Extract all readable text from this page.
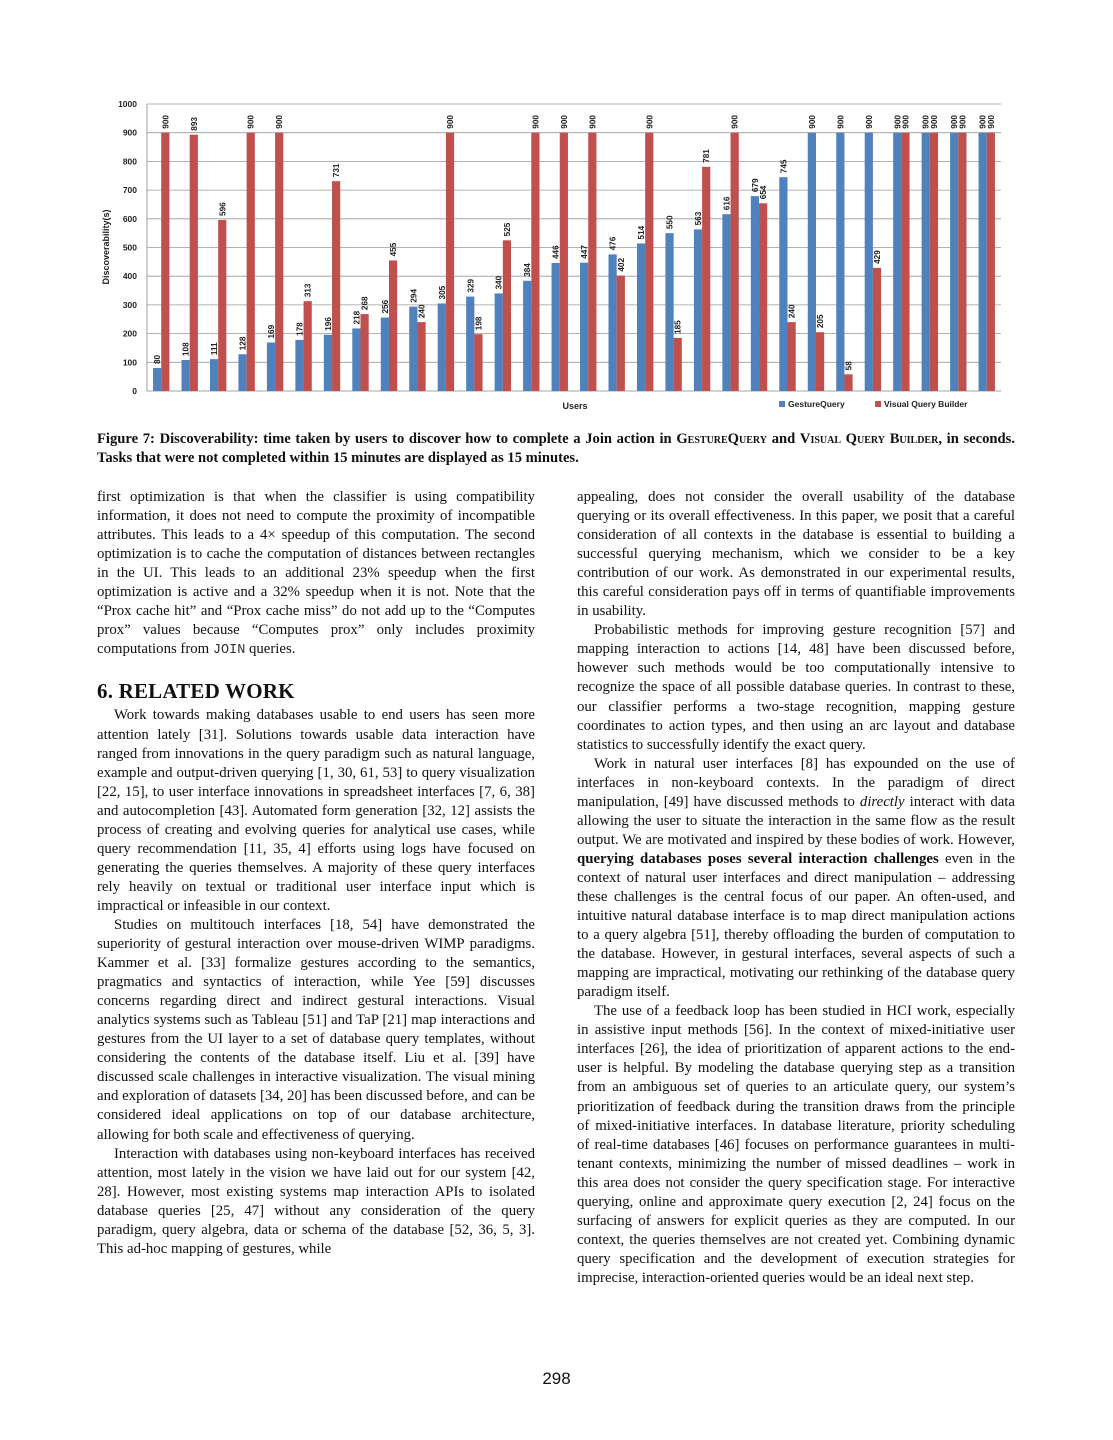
0
100
200
300
400
500
600
700
800
900
1000
80
900
108
893
111
596
128
900
169
900
178
313
196
731
218
268 256
455
294
240
305
900
329
198
340
525
384
900
446
900
447
900
476
402
514
900
550
185
563
781
616
900
679
654
745
240
900
205
900
58
900
429
900 900 900 900 900 900 900 900
Discoverability(s)
Users	GestureQuery	Visual Query Builder
Figure 7: Discoverability: time taken by users to discover how to complete a Join action in GestureQuery and Visual Query Builder, in seconds. Tasks that were not completed within 15 minutes are displayed as 15 minutes.

first optimization is that when the classifier is using compatibility information, it does not need to compute the proximity of incompatible attributes. This leads to a 4× speedup of this computation. The second optimization is to cache the computation of distances between rectangles in the UI. This leads to an additional 23% speedup when the first optimization is active and a 32% speedup when it is not. Note that the “Prox cache hit” and “Prox cache miss” do not add up to the “Computes prox” values because “Computes prox” only includes proximity computations from JOIN queries.

6. RELATED WORK

Work towards making databases usable to end users has seen more attention lately [31]. Solutions towards usable data interaction have ranged from innovations in the query paradigm such as natural language, example and output-driven querying [1, 30, 61, 53] to query visualization [22, 15], to user interface innovations in spreadsheet interfaces [7, 6, 38] and autocompletion [43]. Automated form generation [32, 12] assists the process of creating and evolving queries for analytical use cases, while query recommendation [11, 35, 4] efforts using logs have focused on generating the queries themselves. A majority of these query interfaces rely heavily on textual or traditional user interface input which is impractical or infeasible in our context.

Studies on multitouch interfaces [18, 54] have demonstrated the superiority of gestural interaction over mouse-driven WIMP paradigms. Kammer et al. [33] formalize gestures according to the semantics, pragmatics and syntactics of interaction, while Yee [59] discusses concerns regarding direct and indirect gestural interactions. Visual analytics systems such as Tableau [51] and TaP [21] map interactions and gestures from the UI layer to a set of database query templates, without considering the contents of the database itself. Liu et al. [39] have discussed scale challenges in interactive visualization. The visual mining and exploration of datasets [34, 20] has been discussed before, and can be considered ideal applications on top of our database architecture, allowing for both scale and effectiveness of querying.

Interaction with databases using non-keyboard interfaces has received attention, most lately in the vision we have laid out for our system [42, 28]. However, most existing systems map interaction APIs to isolated database queries [25, 47] without any consideration of the query paradigm, query algebra, data or schema of the database [52, 36, 5, 3]. This ad-hoc mapping of gestures, while

appealing, does not consider the overall usability of the database querying or its overall effectiveness. In this paper, we posit that a careful consideration of all contexts in the database is essential to building a successful querying mechanism, which we consider to be a key contribution of our work. As demonstrated in our experimental results, this careful consideration pays off in terms of quantifiable improvements in usability.

Probabilistic methods for improving gesture recognition [57] and mapping interaction to actions [14, 48] have been discussed before, however such methods would be too computationally intensive to recognize the space of all possible database queries. In contrast to these, our classifier performs a two-stage recognition, mapping gesture coordinates to action types, and then using an arc layout and database statistics to successfully identify the exact query.

Work in natural user interfaces [8] has expounded on the use of interfaces in non-keyboard contexts. In the paradigm of direct manipulation, [49] have discussed methods to directly interact with data allowing the user to situate the interaction in the same flow as the result output. We are motivated and inspired by these bodies of work. However, querying databases poses several interaction challenges even in the context of natural user interfaces and direct manipulation – addressing these challenges is the central focus of our paper. An often-used, and intuitive natural database interface is to map direct manipulation actions to a query algebra [51], thereby offloading the burden of computation to the database. However, in gestural interfaces, several aspects of such a mapping are impractical, motivating our rethinking of the database query paradigm itself.

The use of a feedback loop has been studied in HCI work, especially in assistive input methods [56]. In the context of mixed-initiative user interfaces [26], the idea of prioritization of apparent actions to the end-user is helpful. By modeling the database querying step as a transition from an ambiguous set of queries to an articulate query, our system’s prioritization of feedback during the transition draws from the principle of mixed-initiative interfaces. In database literature, priority scheduling of real-time databases [46] focuses on performance guarantees in multi-tenant contexts, minimizing the number of missed deadlines – work in this area does not consider the query specification stage. For interactive querying, online and approximate query execution [2, 24] focus on the surfacing of answers for explicit queries as they are computed. In our context, the queries themselves are not created yet. Combining dynamic query specification and the development of execution strategies for imprecise, interaction-oriented queries would be an ideal next step.

298
